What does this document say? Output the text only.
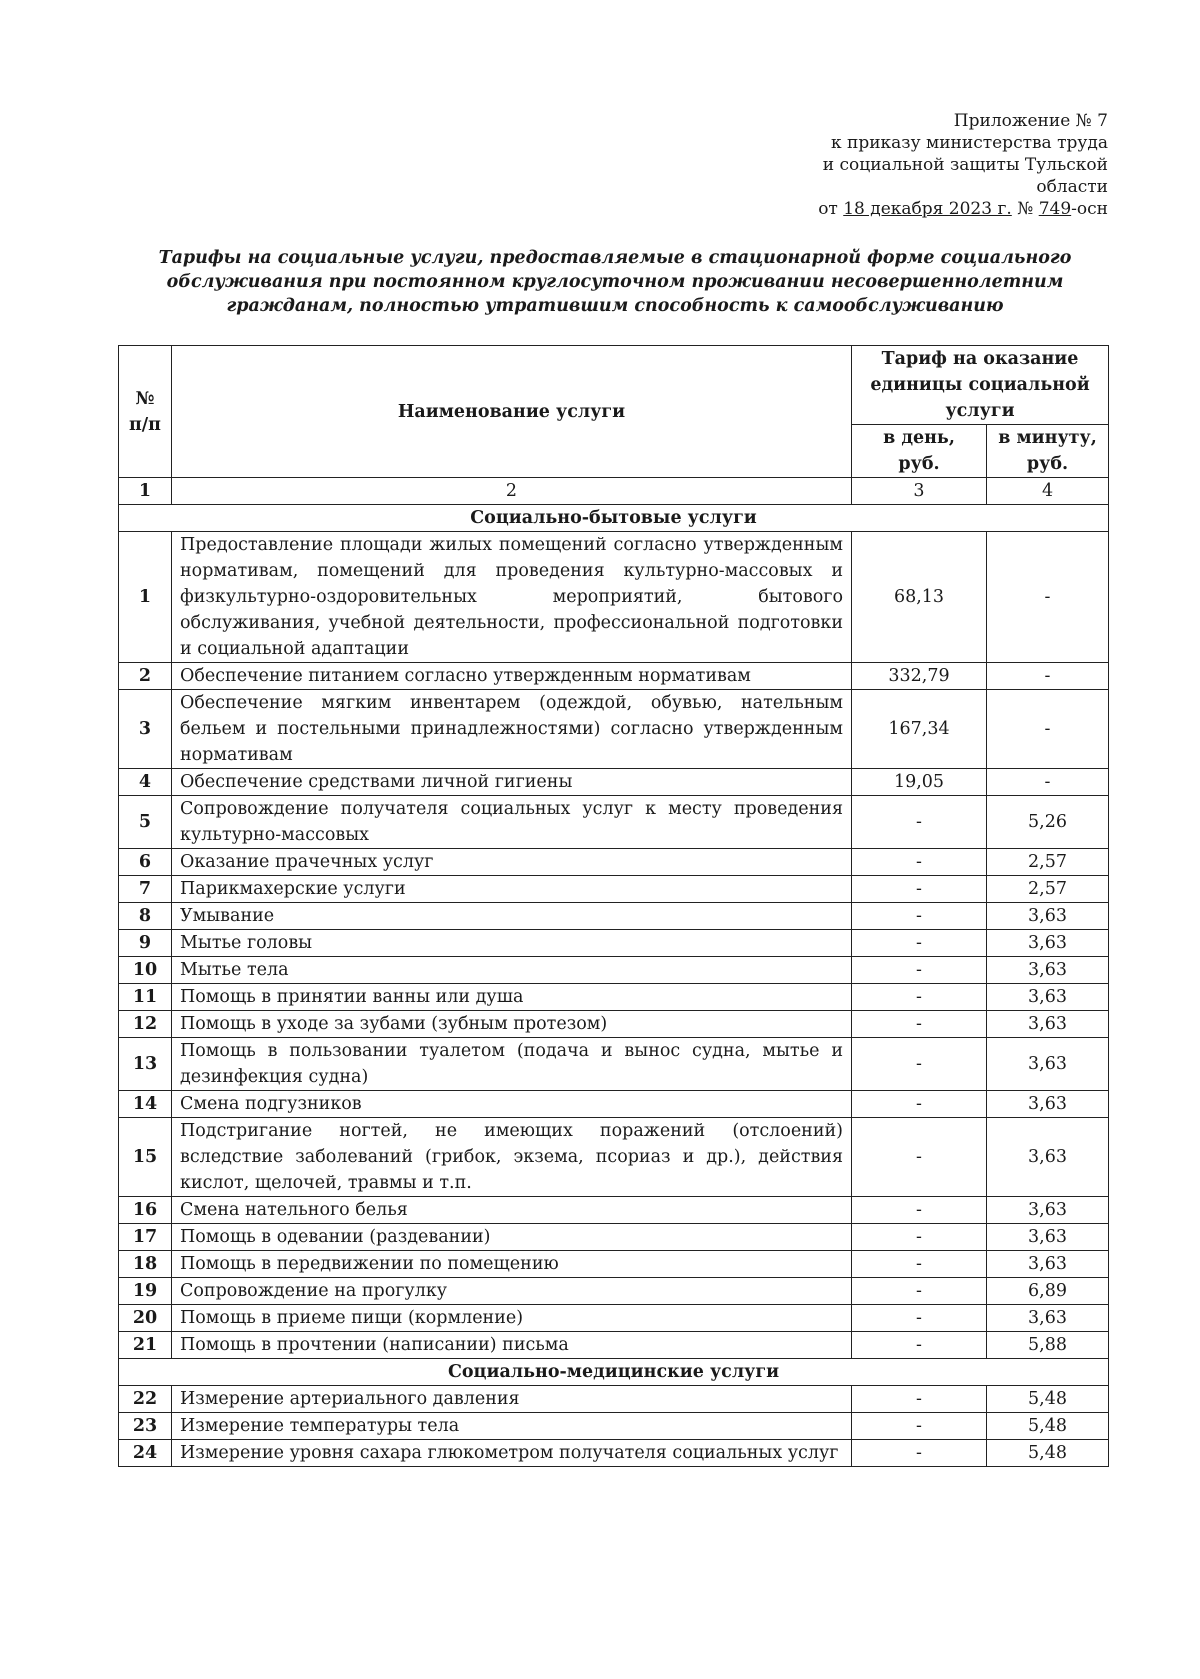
Приложение № 7
к приказу министерства труда
и социальной защиты Тульской
области
от 18 декабря 2023 г. № 749-осн
Тарифы на социальные услуги, предоставляемые в стационарной форме социального обслуживания при постоянном круглосуточном проживании несовершеннолетним гражданам, полностью утратившим способность к самообслуживанию
№ п/п	Наименование услуги	Тариф на оказание единицы социальной услуги	
		в день, руб.	в минуту, руб.
1	2	3	4
Социально-бытовые услуги			
1	Предоставление площади жилых помещений согласно утвержденным нормативам, помещений для проведения культурно-массовых и физкультурно-оздоровительных мероприятий, бытового обслуживания, учебной деятельности, профессиональной подготовки и социальной адаптации	68,13	-
2	Обеспечение питанием согласно утвержденным нормативам	332,79	-
3	Обеспечение мягким инвентарем (одеждой, обувью, нательным бельем и постельными принадлежностями) согласно утвержденным нормативам	167,34	-
4	Обеспечение средствами личной гигиены	19,05	-
5	Сопровождение получателя социальных услуг к месту проведения культурно-массовых	-	5,26
6	Оказание прачечных услуг	-	2,57
7	Парикмахерские услуги	-	2,57
8	Умывание	-	3,63
9	Мытье головы	-	3,63
10	Мытье тела	-	3,63
11	Помощь в принятии ванны или душа	-	3,63
12	Помощь в уходе за зубами (зубным протезом)	-	3,63
13	Помощь в пользовании туалетом (подача и вынос судна, мытье и дезинфекция судна)	-	3,63
14	Смена подгузников	-	3,63
15	Подстригание ногтей, не имеющих поражений (отслоений) вследствие заболеваний (грибок, экзема, псориаз и др.), действия кислот, щелочей, травмы и т.п.	-	3,63
16	Смена нательного белья	-	3,63
17	Помощь в одевании (раздевании)	-	3,63
18	Помощь в передвижении по помещению	-	3,63
19	Сопровождение на прогулку	-	6,89
20	Помощь в приеме пищи (кормление)	-	3,63
21	Помощь в прочтении (написании) письма	-	5,88
Социально-медицинские услуги			
22	Измерение артериального давления	-	5,48
23	Измерение температуры тела	-	5,48
24	Измерение уровня сахара глюкометром получателя социальных услуг	-	5,48
